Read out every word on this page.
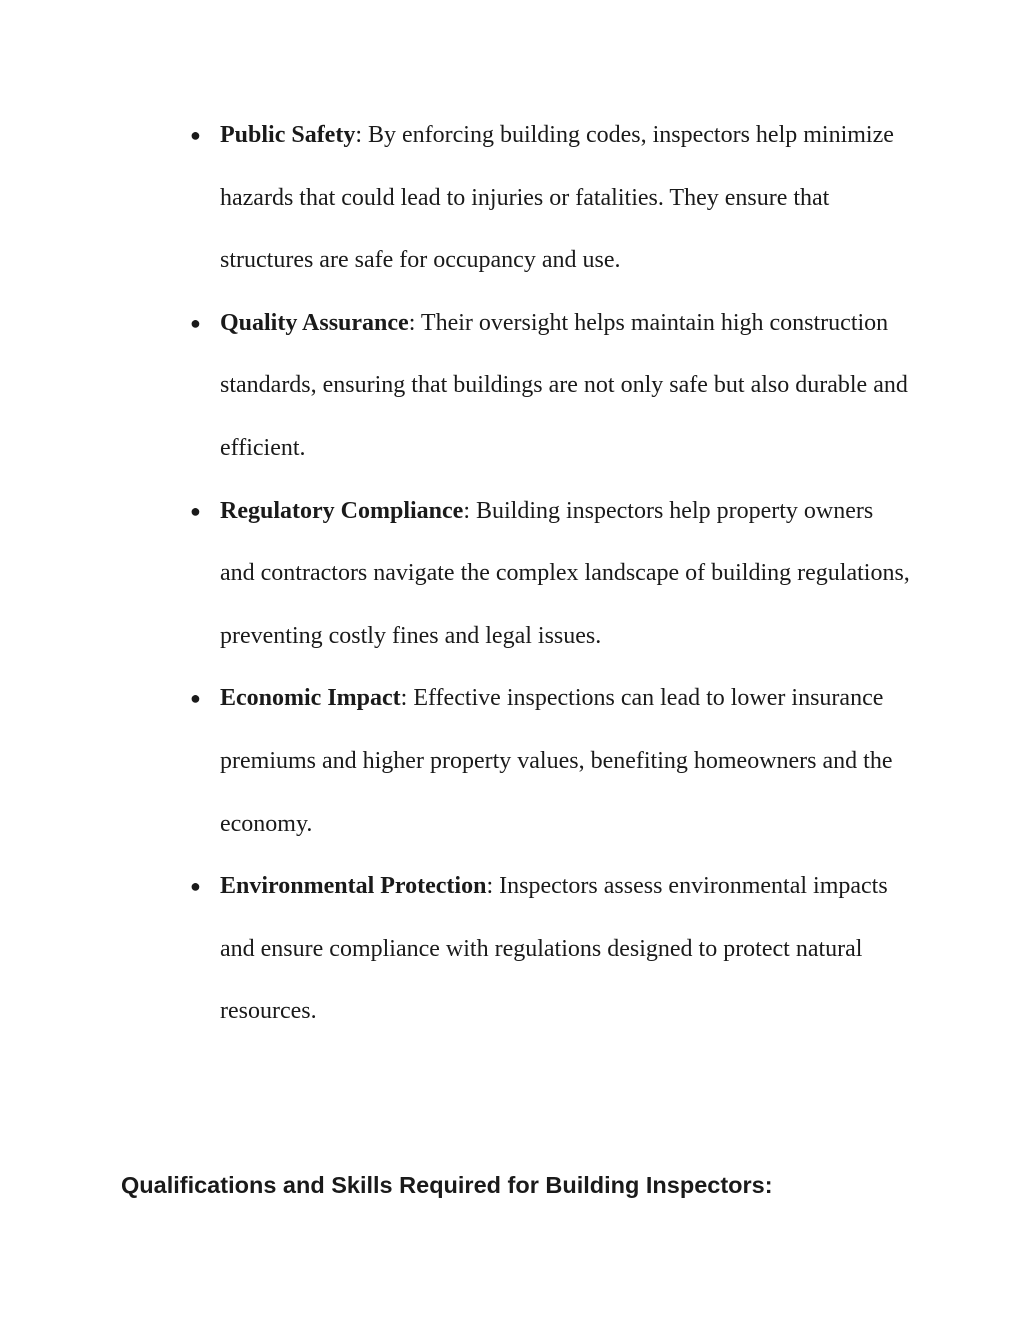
● Public Safety: By enforcing building codes, inspectors help minimize hazards that could lead to injuries or fatalities. They ensure that structures are safe for occupancy and use.
● Quality Assurance: Their oversight helps maintain high construction standards, ensuring that buildings are not only safe but also durable and efficient.
● Regulatory Compliance: Building inspectors help property owners and contractors navigate the complex landscape of building regulations, preventing costly fines and legal issues.
● Economic Impact: Effective inspections can lead to lower insurance premiums and higher property values, benefiting homeowners and the economy.
● Environmental Protection: Inspectors assess environmental impacts and ensure compliance with regulations designed to protect natural resources.
Qualifications and Skills Required for Building Inspectors:
